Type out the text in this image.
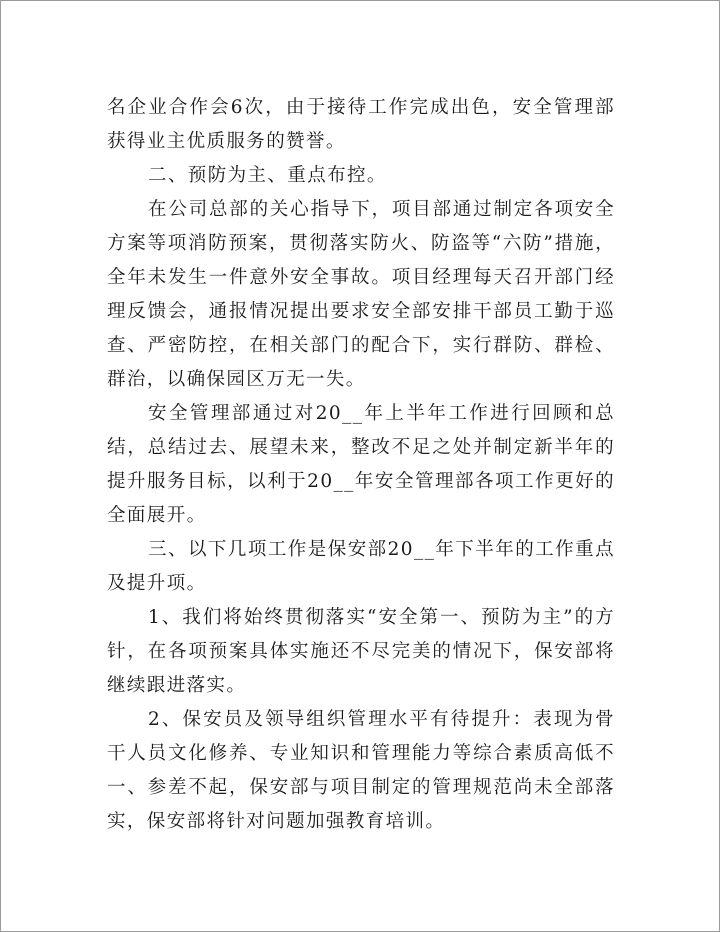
名企业合作会6次，由于接待工作完成出色，安全管理部获得业主优质服务的赞誉。

二、预防为主、重点布控。

在公司总部的关心指导下，项目部通过制定各项安全方案等项消防预案，贯彻落实防火、防盗等“六防”措施，全年未发生一件意外安全事故。项目经理每天召开部门经理反馈会，通报情况提出要求安全部安排干部员工勤于巡查、严密防控，在相关部门的配合下，实行群防、群检、群治，以确保园区万无一失。

安全管理部通过对20__年上半年工作进行回顾和总结，总结过去、展望未来，整改不足之处并制定新半年的提升服务目标，以利于20__年安全管理部各项工作更好的全面展开。

三、以下几项工作是保安部20__年下半年的工作重点及提升项。

1、我们将始终贯彻落实“安全第一、预防为主”的方针，在各项预案具体实施还不尽完美的情况下，保安部将继续跟进落实。

2、保安员及领导组织管理水平有待提升：表现为骨干人员文化修养、专业知识和管理能力等综合素质高低不一、参差不起，保安部与项目制定的管理规范尚未全部落实，保安部将针对问题加强教育培训。
